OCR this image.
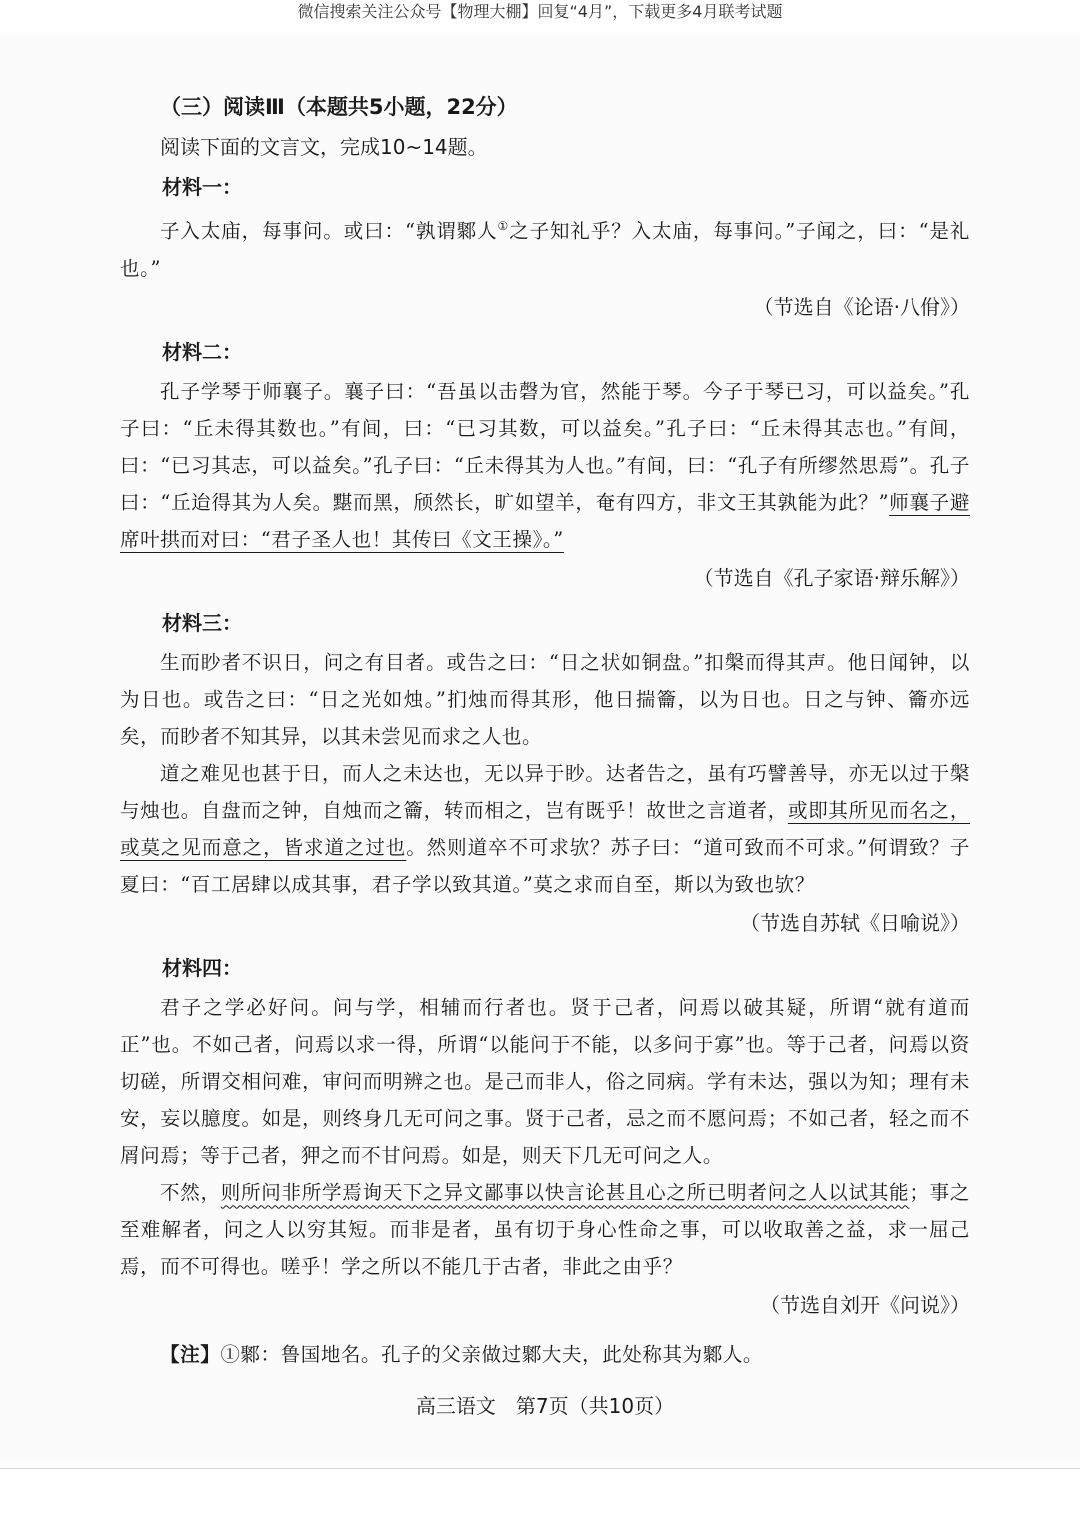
微信搜索关注公众号【物理大棚】回复“4月”，下载更多4月联考试题
（三）阅读Ⅲ（本题共5小题，22分）
阅读下面的文言文，完成10~14题。
材料一：

子入太庙，每事问。或曰：“孰谓鄹人①之子知礼乎？入太庙，每事问。”子闻之，曰：“是礼也。”

（节选自《论语·八佾》）
材料二：

孔子学琴于师襄子。襄子曰：“吾虽以击磬为官，然能于琴。今子于琴已习，可以益矣。”孔子曰：“丘未得其数也。”有间，曰：“已习其数，可以益矣。”孔子曰：“丘未得其志也。”有间，曰：“已习其志，可以益矣。”孔子曰：“丘未得其为人也。”有间，曰：“孔子有所缪然思焉”。孔子曰：“丘迨得其为人矣。黮而黑，颀然长，旷如望羊，奄有四方，非文王其孰能为此？”师襄子避席叶拱而对曰：“君子圣人也！其传曰《文王操》。”

（节选自《孔子家语·辩乐解》）
材料三：

生而眇者不识日，问之有目者。或告之曰：“日之状如铜盘。”扣槃而得其声。他日闻钟，以为日也。或告之曰：“日之光如烛。”扪烛而得其形，他日揣籥，以为日也。日之与钟、籥亦远矣，而眇者不知其异，以其未尝见而求之人也。

道之难见也甚于日，而人之未达也，无以异于眇。达者告之，虽有巧譬善导，亦无以过于槃与烛也。自盘而之钟，自烛而之籥，转而相之，岂有既乎！故世之言道者，或即其所见而名之，或莫之见而意之，皆求道之过也。然则道卒不可求欤？苏子曰：“道可致而不可求。”何谓致？子夏曰：“百工居肆以成其事，君子学以致其道。”莫之求而自至，斯以为致也欤？

（节选自苏轼《日喻说》）
材料四：

君子之学必好问。问与学，相辅而行者也。贤于己者，问焉以破其疑，所谓“就有道而正”也。不如己者，问焉以求一得，所谓“以能问于不能，以多问于寡”也。等于己者，问焉以资切磋，所谓交相问难，审问而明辨之也。是己而非人，俗之同病。学有未达，强以为知；理有未安，妄以臆度。如是，则终身几无可问之事。贤于己者，忌之而不愿问焉；不如己者，轻之而不屑问焉；等于己者，狎之而不甘问焉。如是，则天下几无可问之人。

不然，则所问非所学焉询天下之异文鄙事以快言论甚且心之所已明者问之人以试其能；事之至难解者，问之人以穷其短。而非是者，虽有切于身心性命之事，可以收取善之益，求一屈己焉，而不可得也。嗟乎！学之所以不能几于古者，非此之由乎？

（节选自刘开《问说》）
【注】①鄹：鲁国地名。孔子的父亲做过鄹大夫，此处称其为鄹人。
高三语文　第7页（共10页）
